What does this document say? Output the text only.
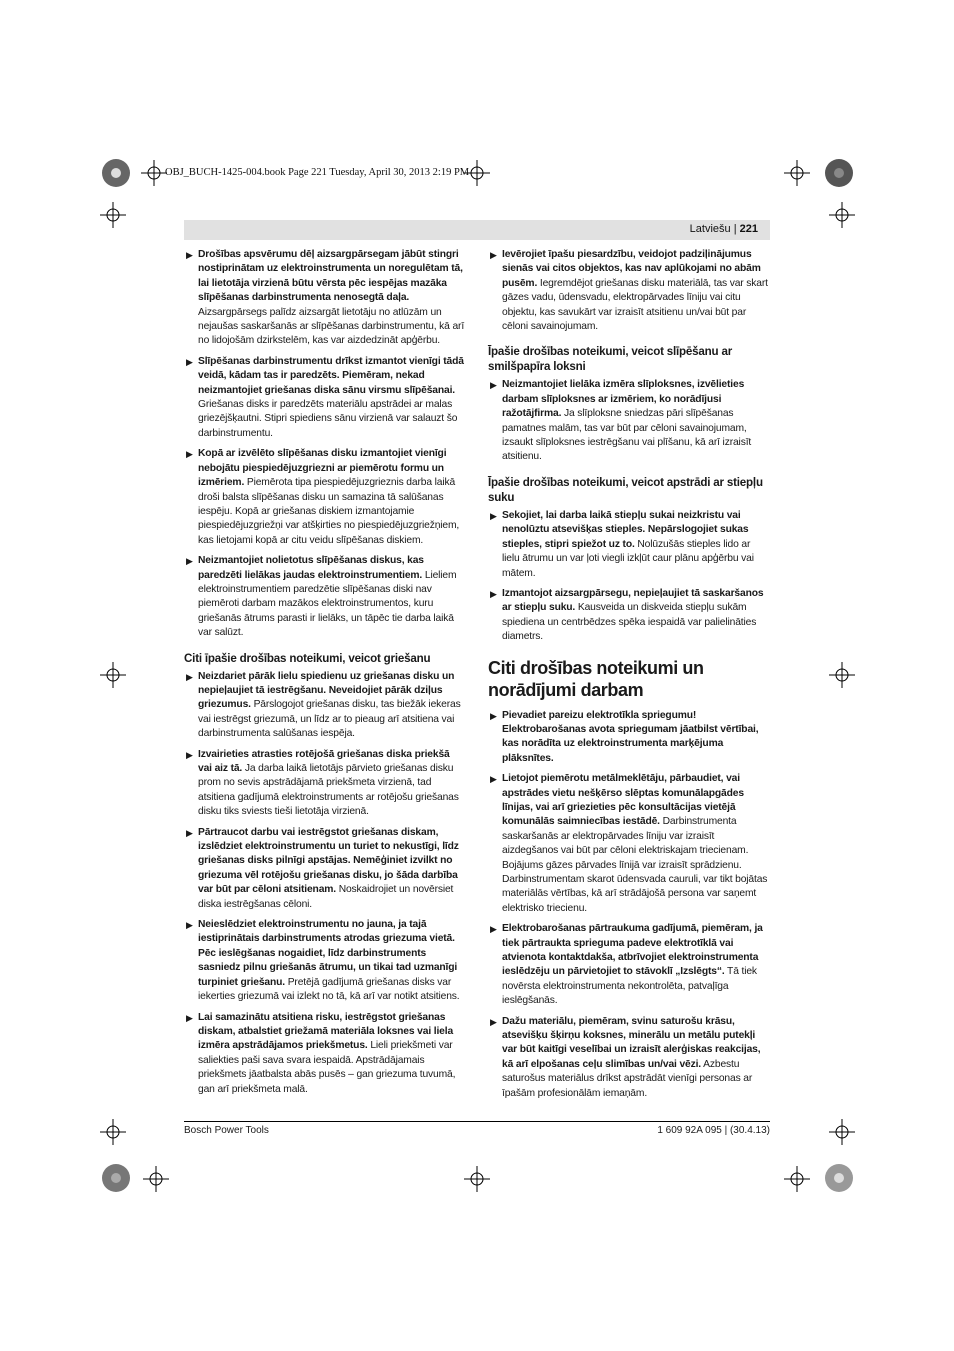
OBJ_BUCH-1425-004.book Page 221 Tuesday, April 30, 2013 2:19 PM
Latviešu | 221
▶ Drošības apsvērumu dēļ aizsargpārsegam jābūt stingri nostiprinātam uz elektroinstrumenta un noregulētam tā, lai lietotāja virzienā būtu vērsta pēc iespējas mazāka slīpēšanas darbinstrumenta nenosegtā daļa. Aizsargpārsegs palīdz aizsargāt lietotāju no atlūzām un nejaušas saskaršanās ar slīpēšanas darbinstrumentu, kā arī no lidojošām dzirkstelēm, kas var aizdedzināt apģērbu.
▶ Slīpēšanas darbinstrumentu drīkst izmantot vienīgi tādā veidā, kādam tas ir paredzēts. Piemēram, nekad neizmantojiet griešanas diska sānu virsmu slīpēšanai. Griešanas disks ir paredzēts materiālu apstrādei ar malas griezējšķautni. Stipri spiediens sānu virzienā var salauzt šo darbinstrumentu.
▶ Kopā ar izvēlēto slīpēšanas disku izmantojiet vienīgi nebojātu piespiedējuzgriezni ar piemērotu formu un izmēriem. Piemērota tipa piespiedējuzgrieznis darba laikā droši balsta slīpēšanas disku un samazina tā salūšanas iespēju. Kopā ar griešanas diskiem izmantojamie piespiedējuzgriežņi var atšķirties no piespiedējuzgriežņiem, kas lietojami kopā ar citu veidu slīpēšanas diskiem.
▶ Neizmantojiet nolietotus slīpēšanas diskus, kas paredzēti lielākas jaudas elektroinstrumentiem. Lieliem elektroinstrumentiem paredzētie slīpēšanas diski nav piemēroti darbam mazākos elektroinstrumentos, kuru griešanās ātrums parasti ir lielāks, un tāpēc tie darba laikā var salūzt.
Citi īpašie drošības noteikumi, veicot griešanu
▶ Neizdariet pārāk lielu spiedienu uz griešanas disku un nepieļaujiet tā iestrēgšanu. Neveidojiet pārāk dziļus griezumus. Pārslogojot griešanas disku, tas biežāk iekeras vai iestrēgst griezumā, un līdz ar to pieaug arī atsitiena vai darbinstrumenta salūšanas iespēja.
▶ Izvairieties atrasties rotējošā griešanas diska priekšā vai aiz tā. Ja darba laikā lietotājs pārvieto griešanas disku prom no sevis apstrādājamā priekšmeta virzienā, tad atsitiena gadījumā elektroinstruments ar rotējošu griešanas disku tiks sviests tieši lietotāja virzienā.
▶ Pārtraucot darbu vai iestrēgstot griešanas diskam, izslēdziet elektroinstrumentu un turiet to nekustīgi, līdz griešanas disks pilnīgi apstājas. Nemēģiniet izvilkt no griezuma vēl rotējošu griešanas disku, jo šāda darbība var būt par cēloni atsitienam. Noskaidrojiet un novērsiet diska iestrēgšanas cēloni.
▶ Neieslēdziet elektroinstrumentu no jauna, ja tajā iestiprinātais darbinstruments atrodas griezuma vietā. Pēc ieslēgšanas nogaidiet, līdz darbinstruments sasniedz pilnu griešanās ātrumu, un tikai tad uzmanīgi turpiniet griešanu. Pretējā gadījumā griešanas disks var iekerties griezumā vai izlekt no tā, kā arī var notikt atsitiens.
▶ Lai samazinātu atsitiena risku, iestrēgstot griešanas diskam, atbalstiet griežamā materiāla loksnes vai liela izmēra apstrādājamos priekšmetus. Lieli priekšmeti var saliekties paši sava svara iespaidā. Apstrādājamais priekšmets jāatbalsta abās pusēs – gan griezuma tuvumā, gan arī priekšmeta malā.
▶ Ievērojiet īpašu piesardzību, veidojot padziļinājumus sienās vai citos objektos, kas nav aplūkojami no abām pusēm. Iegremdējot griešanas disku materiālā, tas var skart gāzes vadu, ūdensvadu, elektropārvades līniju vai citu objektu, kas savukārt var izraisīt atsitienu un/vai būt par cēloni savainojumam.
Īpašie drošības noteikumi, veicot slīpēšanu ar smilšpapīra loksni
▶ Neizmantojiet lielāka izmēra slīploksnes, izvēlieties darbam slīploksnes ar izmēriem, ko norādījusi ražotājfirma. Ja slīploksne sniedzas pāri slīpēšanas pamatnes malām, tas var būt par cēloni savainojumam, izsaukt slīploksnes iestrēgšanu vai plīšanu, kā arī izraisīt atsitienu.
Īpašie drošības noteikumi, veicot apstrādi ar stiepļu suku
▶ Sekojiet, lai darba laikā stiepļu sukai neizkristu vai nenolūztu atsevišķas stieples. Nepārslogojiet sukas stieples, stipri spiežot uz to. Nolūzušās stieples lido ar lielu ātrumu un var ļoti viegli izkļūt caur plānu apģērbu vai mātem.
▶ Izmantojot aizsargpārsegu, nepieļaujiet tā saskaršanos ar stiepļu suku. Kausveida un diskveida stiepļu sukām spiediena un centrbēdzes spēka iespaidā var palielināties diametrs.
Citi drošības noteikumi un norādījumi darbam
▶ Pievadiet pareizu elektrotīkla spriegumu! Elektrobarošanas avota spriegumam jāatbilst vērtībai, kas norādīta uz elektroinstrumenta marķējuma plāksnītes.
▶ Lietojot piemērotu metālmeklētāju, pārbaudiet, vai apstrādes vietu nešķērso slēptas komunālapgādes līnijas, vai arī griezieties pēc konsultācijas vietējā komunālās saimniecības iestādē. Darbinstrumenta saskaršanās ar elektropārvades līniju var izraisīt aizdegšanos vai būt par cēloni elektriskajam triecienam. Bojājums gāzes pārvades līnijā var izraisīt sprādzienu. Darbinstrumentam skarot ūdensvada cauruli, var tikt bojātas materiālās vērtības, kā arī strādājošā persona var saņemt elektrisko triecienu.
▶ Elektrobarošanas pārtraukuma gadījumā, piemēram, ja tiek pārtraukta sprieguma padeve elektrotīklā vai atvienota kontaktdakša, atbrīvojiet elektroinstrumenta ieslēdzēju un pārvietojiet to stāvoklī „Izslēgts“. Tā tiek novērsta elektroinstrumenta nekontrolēta, patvaļīga ieslēgšanās.
▶ Dažu materiālu, piemēram, svinu saturošu krāsu, atsevišķu šķirņu koksnes, minerālu un metālu putekļi var būt kaitīgi veselībai un izraisīt alerģiskas reakcijas, kā arī elpošanas ceļu slimības un/vai vēzi. Azbestu saturošus materiālus drīkst apstrādāt vienīgi personas ar īpašām profesionālām iemaņām.
Bosch Power Tools	1 609 92A 095 | (30.4.13)
